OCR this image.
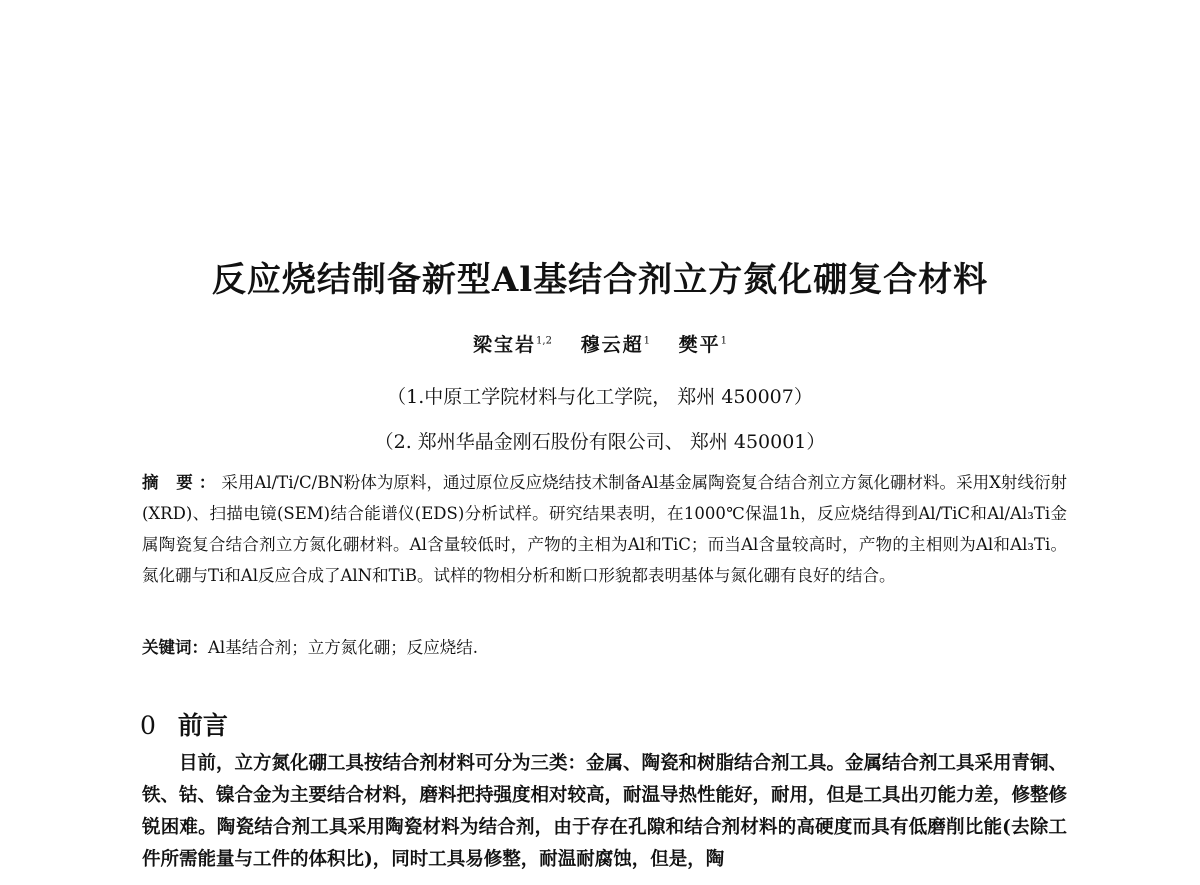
反应烧结制备新型Al基结合剂立方氮化硼复合材料
梁宝岩$^{1,2}$ 穆云超$^1$ 樊平$^1$
（1.中原工学院材料与化工学院， 郑州 450007）
（2. 郑州华晶金刚石股份有限公司、 郑州 450001）
摘 要：采用Al/Ti/C/BN粉体为原料，通过原位反应烧结技术制备Al基金属陶瓷复合结合剂立方氮化硼材料。采用X射线衍射(XRD)、扫描电镜(SEM)结合能谱仪(EDS)分析试样。研究结果表明，在1000℃保温1h，反应烧结得到Al/TiC和Al/Al₃Ti金属陶瓷复合结合剂立方氮化硼材料。Al含量较低时，产物的主相为Al和TiC；而当Al含量较高时，产物的主相则为Al和Al₃Ti。氮化硼与Ti和Al反应合成了AlN和TiB。试样的物相分析和断口形貌都表明基体与氮化硼有良好的结合。
关键词：Al基结合剂；立方氮化硼；反应烧结.
0 前言
目前，立方氮化硼工具按结合剂材料可分为三类：金属、陶瓷和树脂结合剂工具。金属结合剂工具采用青铜、铁、钴、镍合金为主要结合材料，磨料把持强度相对较高，耐温导热性能好，耐用，但是工具出刃能力差，修整修锐困难。陶瓷结合剂工具采用陶瓷材料为结合剂，由于存在孔隙和结合剂材料的高硬度而具有低磨削比能(去除工件所需能量与工件的体积比)，同时工具易修整，耐温耐腐蚀，但是，陶
